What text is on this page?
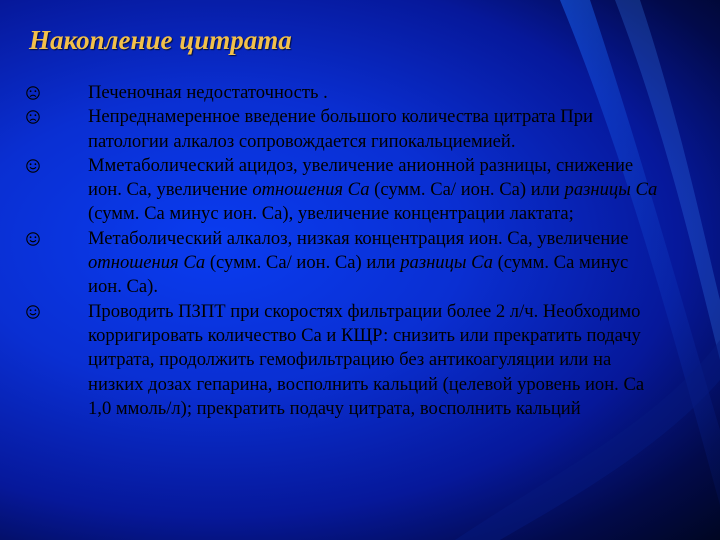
Накопление цитрата
Печеночная недостаточность .
Непреднамеренное введение большого количества цитрата При патологии алкалоз сопровождается гипокальциемией.
Мметаболический ацидоз, увеличение анионной разницы, снижение ион. Са, увеличение отношения Са (сумм. Са/ ион. Са) или разницы Са (сумм. Са минус ион. Са), увеличение концентрации лактата;
Метаболический алкалоз, низкая концентрация ион. Са, увеличение отношения Са (сумм. Са/ ион. Са) или разницы Са (сумм. Са минус ион. Са).
Проводить ПЗПТ при скоростях фильтрации более 2 л/ч. Необходимо корригировать количество Са и КЩР: снизить или прекратить подачу цитрата, продолжить гемофильтрацию без антикоагуляции или на низких дозах гепарина, восполнить кальций (целевой уровень ион. Са 1,0 ммоль/л); прекратить подачу цитрата, восполнить кальций
